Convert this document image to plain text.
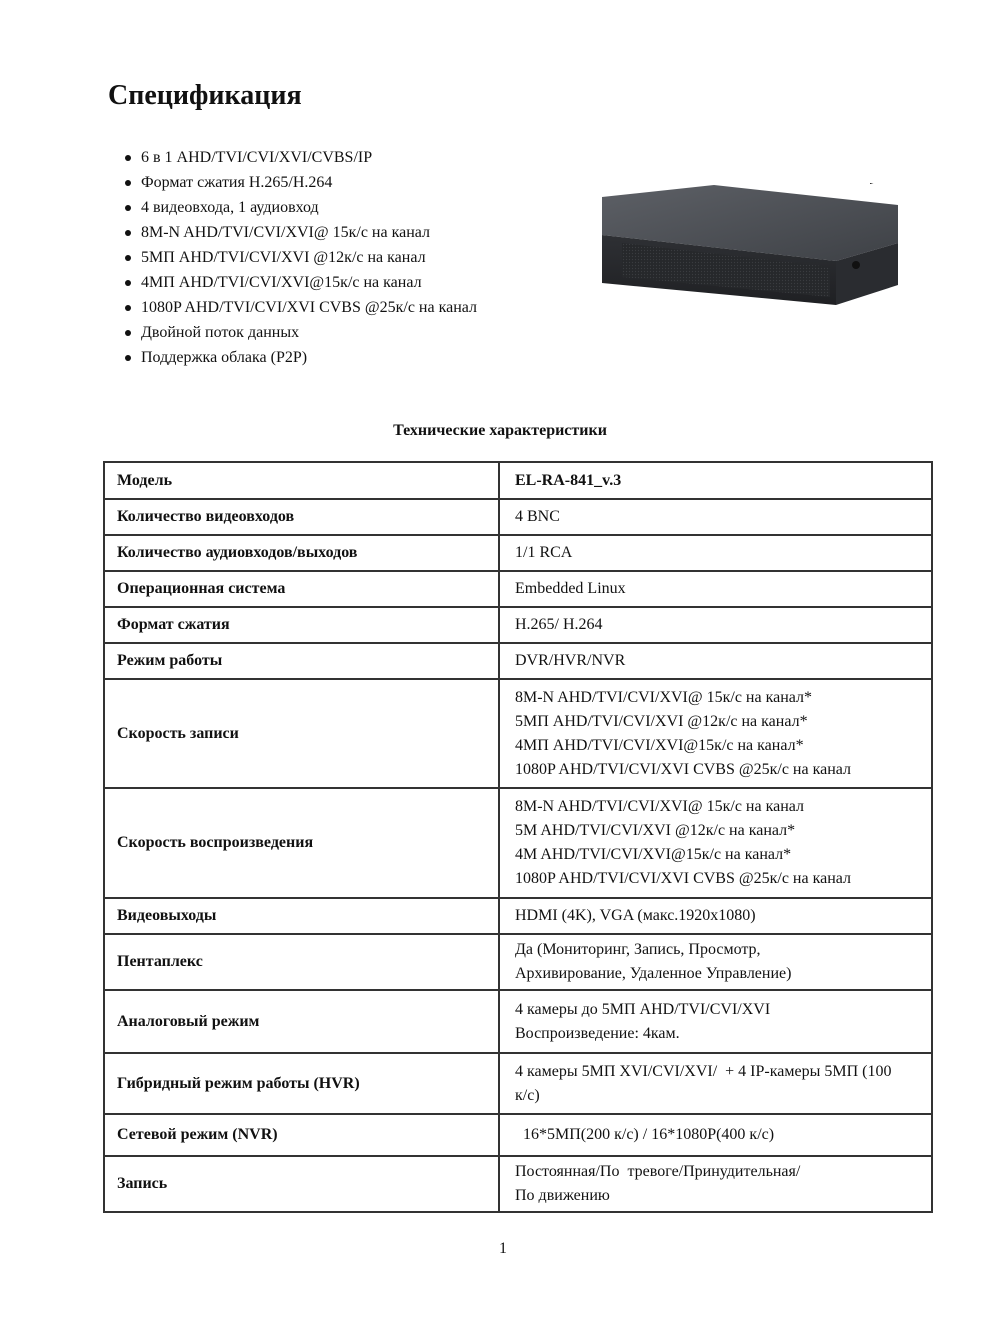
Спецификация
6 в 1 AHD/TVI/CVI/XVI/CVBS/IP
Формат сжатия H.265/H.264
4 видеовхода, 1 аудиовход
8M-N AHD/TVI/CVI/XVI@ 15к/с на канал
5МП AHD/TVI/CVI/XVI @12к/с на канал
4МП AHD/TVI/CVI/XVI@15к/с на канал
1080P AHD/TVI/CVI/XVI CVBS @25к/с на канал
Двойной поток данных
Поддержка облака (P2P)
Технические характеристики
Модель	EL-RA-841_v.3

Количество видеовходов	4 BNC

Количество аудиовходов/выходов	1/1 RCA

Операционная система	Embedded Linux

Формат сжатия	H.265/ H.264

Режим работы	DVR/HVR/NVR

Скорость записи	8M-N AHD/TVI/CVI/XVI@ 15к/с на канал*
5МП AHD/TVI/CVI/XVI @12к/с на канал*
4МП AHD/TVI/CVI/XVI@15к/с на канал*
1080P AHD/TVI/CVI/XVI CVBS @25к/с на канал

Скорость воспроизведения	8M-N AHD/TVI/CVI/XVI@ 15к/с на канал
5M AHD/TVI/CVI/XVI @12к/с на канал*
4M AHD/TVI/CVI/XVI@15к/с на канал*
1080P AHD/TVI/CVI/XVI CVBS @25к/с на канал

Видеовыходы	HDMI (4K), VGA (макс.1920x1080)

Пентаплекс	Да (Мониторинг, Запись, Просмотр,
Архивирование, Удаленное Управление)

Аналоговый режим	4 камеры до 5МП AHD/TVI/CVI/XVI
Воспроизведение: 4кам.

Гибридный режим работы (HVR)	4 камеры 5МП XVI/CVI/XVI/  + 4 IP-камеры 5МП (100
к/с)

Сетевой режим (NVR)	16*5МП(200 к/с) / 16*1080P(400 к/с)

Запись	Постоянная/По  тревоге/Принудительная/
По движению
1
